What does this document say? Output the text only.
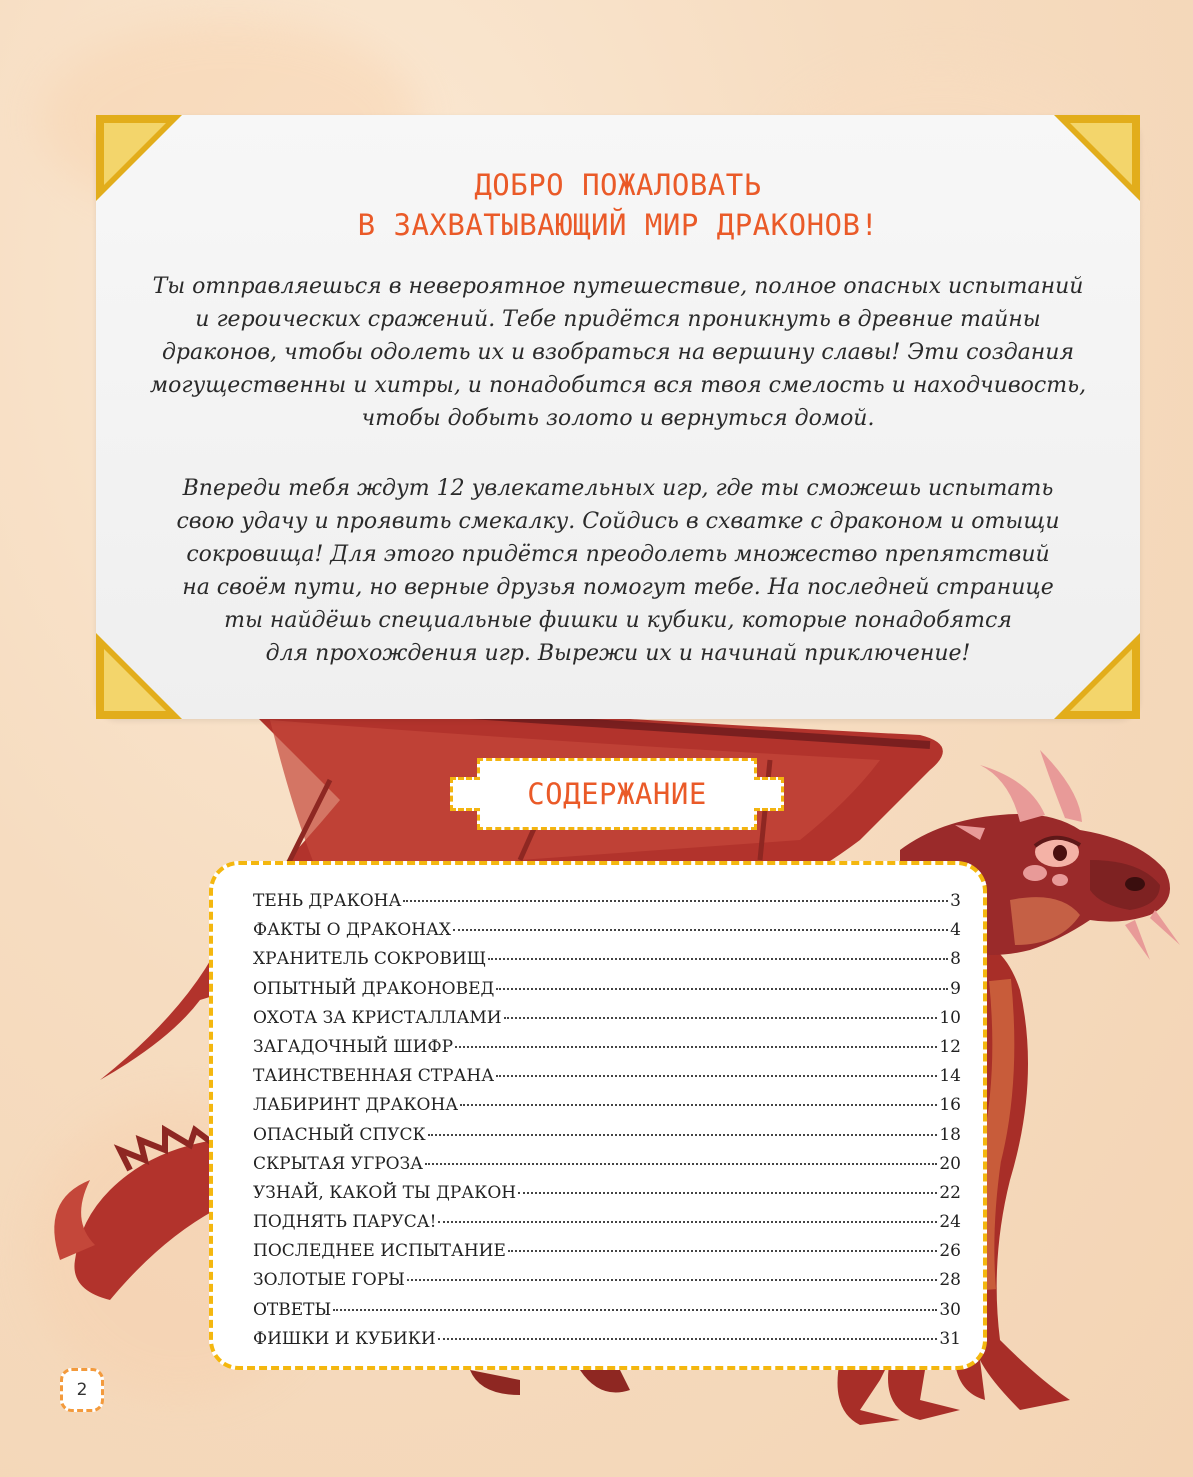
ДОБРО ПОЖАЛОВАТЬ
В ЗАХВАТЫВАЮЩИЙ МИР ДРАКОНОВ!
Ты отправляешься в невероятное путешествие, полное опасных испытаний
и героических сражений. Тебе придётся проникнуть в древние тайны
драконов, чтобы одолеть их и взобраться на вершину славы! Эти создания
могущественны и хитры, и понадобится вся твоя смелость и находчивость,
чтобы добыть золото и вернуться домой.
Впереди тебя ждут 12 увлекательных игр, где ты сможешь испытать
свою удачу и проявить смекалку. Сойдись в схватке с драконом и отыщи
сокровища! Для этого придётся преодолеть множество препятствий
на своём пути, но верные друзья помогут тебе. На последней странице
ты найдёшь специальные фишки и кубики, которые понадобятся
для прохождения игр. Вырежи их и начинай приключение!
СОДЕРЖАНИЕ
ТЕНЬ ДРАКОНА	3
ФАКТЫ О ДРАКОНАХ	4
ХРАНИТЕЛЬ СОКРОВИЩ	8
ОПЫТНЫЙ ДРАКОНОВЕД	9
ОХОТА ЗА КРИСТАЛЛАМИ	10
ЗАГАДОЧНЫЙ ШИФР	12
ТАИНСТВЕННАЯ СТРАНА	14
ЛАБИРИНТ ДРАКОНА	16
ОПАСНЫЙ СПУСК	18
СКРЫТАЯ УГРОЗА	20
УЗНАЙ, КАКОЙ ТЫ ДРАКОН	22
ПОДНЯТЬ ПАРУСА!	24
ПОСЛЕДНЕЕ ИСПЫТАНИЕ	26
ЗОЛОТЫЕ ГОРЫ	28
ОТВЕТЫ	30
ФИШКИ И КУБИКИ	31
2
